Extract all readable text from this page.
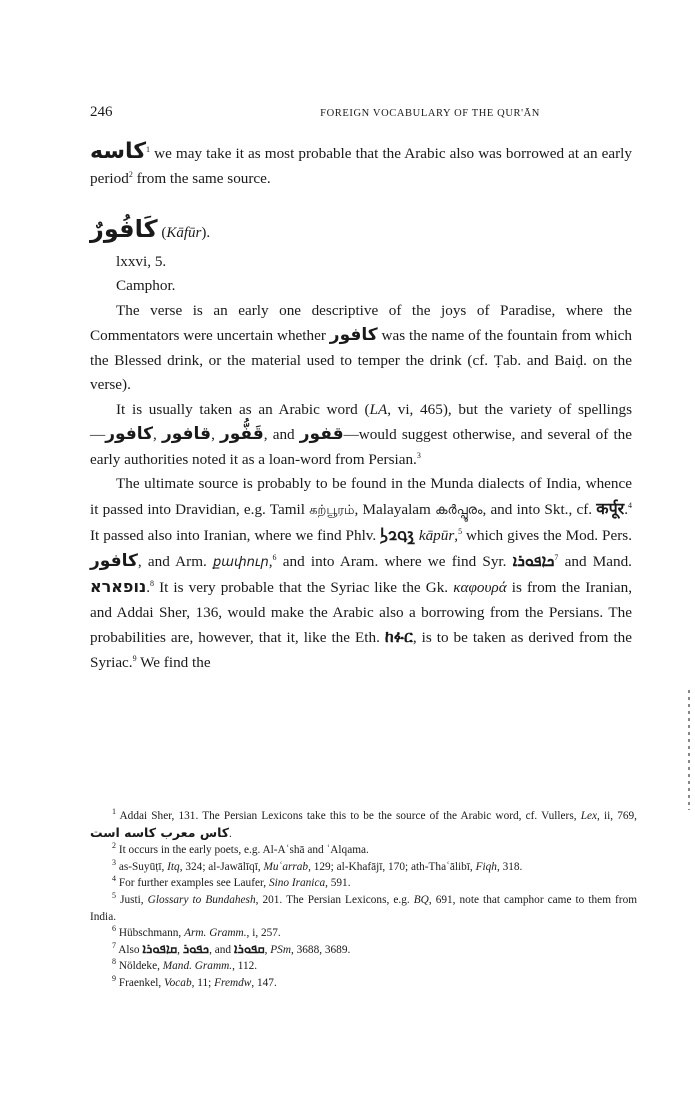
246	FOREIGN VOCABULARY OF THE QUR'ĀN

كاسه$^1$ we may take it as most probable that the Arabic also was borrowed at an early period$^2$ from the same source.

كَافُورٌ (Kāfūr).

lxxvi, 5.

Camphor.

The verse is an early one descriptive of the joys of Paradise, where the Commentators were uncertain whether كافور was the name of the fountain from which the Blessed drink, or the material used to temper the drink (cf. Ṭab. and Baiḍ. on the verse).

It is usually taken as an Arabic word (LA, vi, 465), but the variety of spellings—كافور, قافور, قَفُّور, and قفور—would suggest otherwise, and several of the early authorities noted it as a loan-word from Persian.$^3$

The ultimate source is probably to be found in the Munda dialects of India, whence it passed into Dravidian, e.g. Tamil கற்பூரம், Malayalam കർപ്പൂരം, and into Skt., cf. कर्पूर.$^4$ It passed also into Iranian, where we find Phlv. 𐭪𐭯𐭥𐭫 kāpūr,$^5$ which gives the Mod. Pers. كافور, and Arm. քափուր,$^6$ and into Aram. where we find Syr. ܟܐܦܘܪܐ$^7$ and Mand. נופארא.$^8$ It is very probable that the Syriac like the Gk. καφουρά is from the Iranian, and Addai Sher, 136, would make the Arabic also a borrowing from the Persians. The probabilities are, however, that it, like the Eth. ከፉር, is to be taken as derived from the Syriac.$^9$ We find the

$^1$ Addai Sher, 131. The Persian Lexicons take this to be the source of the Arabic word, cf. Vullers, Lex, ii, 769, كاس معرب كاسه است.

$^2$ It occurs in the early poets, e.g. Al-Aʿshā and ʿAlqama.

$^3$ as-Suyūṭī, Itq, 324; al-Jawālīqī, Muʿarrab, 129; al-Khafājī, 170; ath-Thaʿālibī, Fiqh, 318.

$^4$ For further examples see Laufer, Sino Iranica, 591.

$^5$ Justi, Glossary to Bundahesh, 201. The Persian Lexicons, e.g. BQ, 691, note that camphor came to them from India.

$^6$ Hübschmann, Arm. Gramm., i, 257.

$^7$ Also ܩܐܦܘܪܐ, ܟܦܘܪ, and ܩܦܘܪܐ, PSm, 3688, 3689.

$^8$ Nöldeke, Mand. Gramm., 112.

$^9$ Fraenkel, Vocab, 11; Fremdw, 147.
